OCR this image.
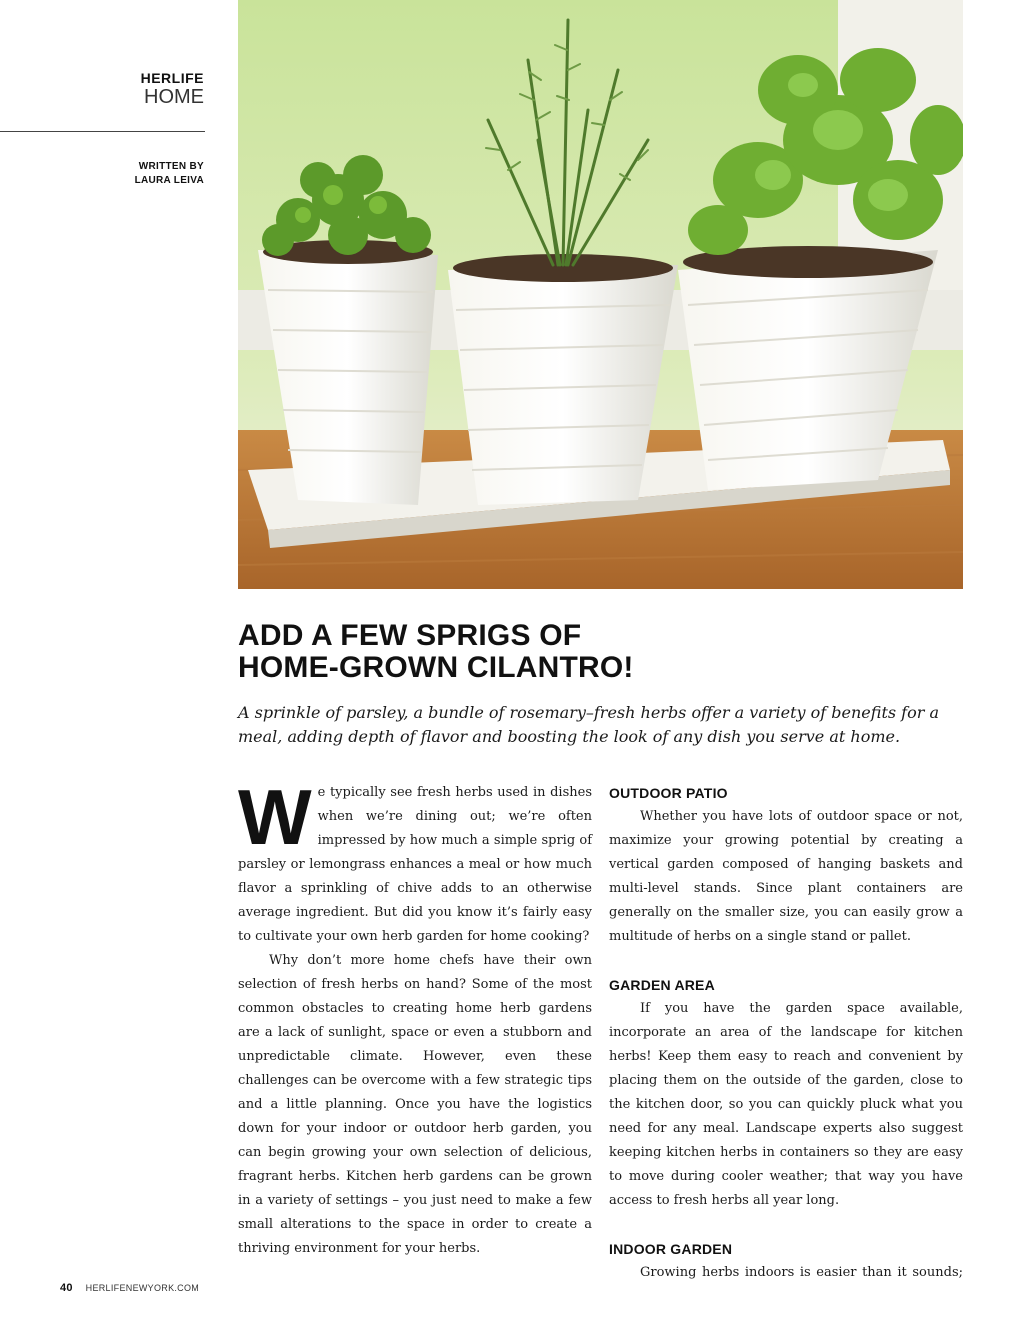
HERLIFE
HOME
WRITTEN BY
LAURA LEIVA
ADD A FEW SPRIGS OF
HOME-GROWN CILANTRO!

A sprinkle of parsley, a bundle of rosemary–fresh herbs offer a variety of benefits for a meal, adding depth of flavor and boosting the look of any dish you serve at home.

We typically see fresh herbs used in dishes when we’re dining out; we’re often impressed by how much a simple sprig of parsley or lemongrass enhances a meal or how much flavor a sprinkling of chive adds to an otherwise average ingredient. But did you know it’s fairly easy to cultivate your own herb garden for home cooking?

Why don’t more home chefs have their own selection of fresh herbs on hand? Some of the most common obstacles to creating home herb gardens are a lack of sunlight, space or even a stubborn and unpredictable climate. However, even these challenges can be overcome with a few strategic tips and a little planning. Once you have the logistics down for your indoor or outdoor herb garden, you can begin growing your own selection of delicious, fragrant herbs. Kitchen herb gardens can be grown in a variety of settings – you just need to make a few small alterations to the space in order to create a thriving environment for your herbs.

OUTDOOR PATIO

Whether you have lots of outdoor space or not, maximize your growing potential by creating a vertical garden composed of hanging baskets and multi-level stands. Since plant containers are generally on the smaller size, you can easily grow a multitude of herbs on a single stand or pallet.

GARDEN AREA

If you have the garden space available, incorporate an area of the landscape for kitchen herbs! Keep them easy to reach and convenient by placing them on the outside of the garden, close to the kitchen door, so you can quickly pluck what you need for any meal. Landscape experts also suggest keeping kitchen herbs in containers so they are easy to move during cooler weather; that way you have access to fresh herbs all year long.

INDOOR GARDEN

Growing herbs indoors is easier than it sounds;

40 HERLIFENEWYORK.COM
